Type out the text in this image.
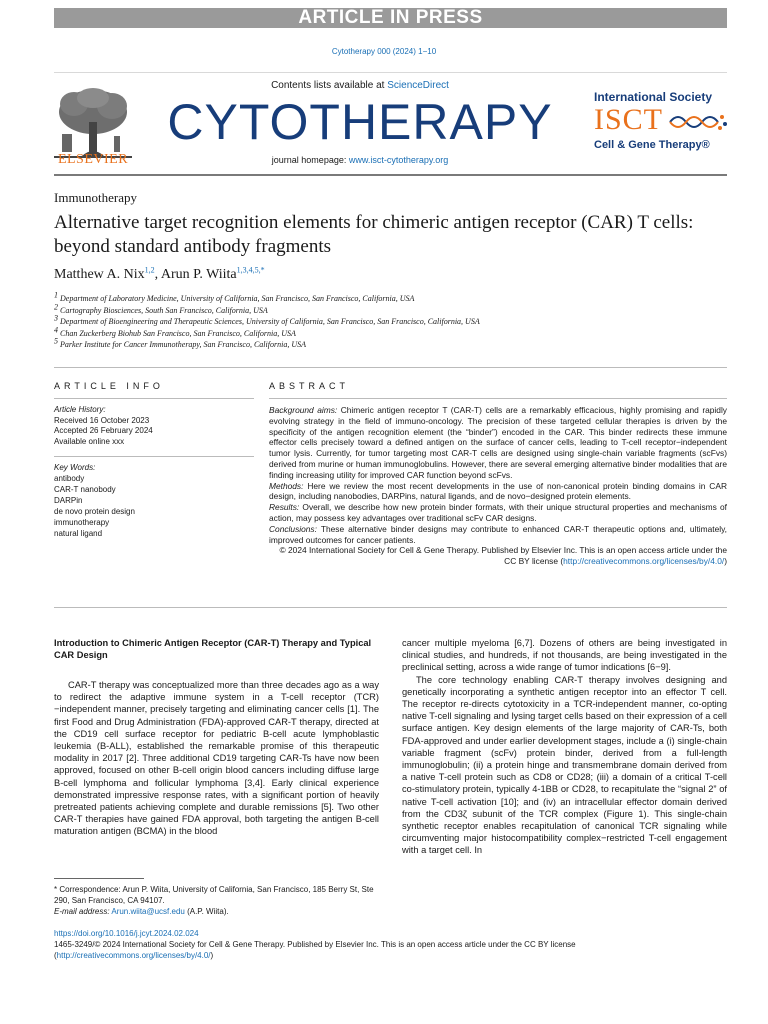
ARTICLE IN PRESS
Cytotherapy 000 (2024) 1−10
ELSEVIER
Contents lists available at ScienceDirect
CYTOTHERAPY
journal homepage: www.isct-cytotherapy.org
International Society
ISCT
Cell & Gene Therapy®
Immunotherapy
Alternative target recognition elements for chimeric antigen receptor (CAR) T cells: beyond standard antibody fragments
Matthew A. Nix$^{1,2}$, Arun P. Wiita$^{1,3,4,5,*}$
$^1$ Department of Laboratory Medicine, University of California, San Francisco, San Francisco, California, USA
$^2$ Cartography Biosciences, South San Francisco, California, USA
$^3$ Department of Bioengineering and Therapeutic Sciences, University of California, San Francisco, San Francisco, California, USA
$^4$ Chan Zuckerberg Biohub San Francisco, San Francisco, California, USA
$^5$ Parker Institute for Cancer Immunotherapy, San Francisco, California, USA
ARTICLE INFO	ABSTRACT
Article History:
Received 16 October 2023
Accepted 26 February 2024
Available online xxx
Key Words:
antibody
CAR-T nanobody
DARPin
de novo protein design
immunotherapy
natural ligand

Background aims: Chimeric antigen receptor T (CAR-T) cells are a remarkably efficacious, highly promising and rapidly evolving strategy in the field of immuno-oncology. The precision of these targeted cellular therapies is driven by the specificity of the antigen recognition element (the “binder”) encoded in the CAR. This binder redirects these immune effector cells precisely toward a defined antigen on the surface of cancer cells, leading to T-cell receptor−independent tumor lysis. Currently, for tumor targeting most CAR-T cells are designed using single-chain variable fragments (scFvs) derived from murine or human immunoglobulins. However, there are several emerging alternative binder modalities that are finding increasing utility for improved CAR function beyond scFvs.

Methods: Here we review the most recent developments in the use of non-canonical protein binding domains in CAR design, including nanobodies, DARPins, natural ligands, and de novo−designed protein elements.

Results: Overall, we describe how new protein binder formats, with their unique structural properties and mechanisms of action, may possess key advantages over traditional scFv CAR designs.

Conclusions: These alternative binder designs may contribute to enhanced CAR-T therapeutic options and, ultimately, improved outcomes for cancer patients.

© 2024 International Society for Cell & Gene Therapy. Published by Elsevier Inc. This is an open access article under the CC BY license (http://creativecommons.org/licenses/by/4.0/)

Introduction to Chimeric Antigen Receptor (CAR-T) Therapy and Typical CAR Design

CAR-T therapy was conceptualized more than three decades ago as a way to redirect the adaptive immune system in a T-cell receptor (TCR)−independent manner, precisely targeting and eliminating cancer cells [1]. The first Food and Drug Administration (FDA)-approved CAR-T therapy, directed at the CD19 cell surface receptor for pediatric B-cell acute lymphoblastic leukemia (B-ALL), established the remarkable promise of this therapeutic modality in 2017 [2]. Three additional CD19 targeting CAR-Ts have now been approved, focused on other B-cell origin blood cancers including diffuse large B-cell lymphoma and follicular lymphoma [3,4]. Early clinical experience demonstrated impressive response rates, with a significant portion of heavily pretreated patients achieving complete and durable remissions [5]. Two other CAR-T therapies have gained FDA approval, both targeting the antigen B-cell maturation antigen (BCMA) in the blood

cancer multiple myeloma [6,7]. Dozens of others are being investigated in clinical studies, and hundreds, if not thousands, are being investigated in the preclinical setting, across a wide range of tumor indications [6−9].

The core technology enabling CAR-T therapy involves designing and genetically incorporating a synthetic antigen receptor into an effector T cell. The receptor re-directs cytotoxicity in a TCR-independent manner, co-opting native T-cell signaling and lysing target cells based on their expression of a cell surface antigen. Key design elements of the large majority of CAR-Ts, both FDA-approved and under earlier development stages, include a (i) single-chain variable fragment (scFv) protein binder, derived from a full-length immunoglobulin; (ii) a protein hinge and transmembrane domain derived from a native T-cell protein such as CD8 or CD28; (iii) a domain of a critical T-cell co-stimulatory protein, typically 4-1BB or CD28, to recapitulate the “signal 2” of native T-cell activation [10]; and (iv) an intracellular effector domain derived from the CD3ζ subunit of the TCR complex (Figure 1). This single-chain synthetic receptor enables recapitulation of canonical TCR signaling while circumventing major histocompatibility complex−restricted T-cell engagement with a target cell. In

* Correspondence: Arun P. Wiita, University of California, San Francisco, 185 Berry St, Ste 290, San Francisco, CA 94107.
E-mail address: Arun.wiita@ucsf.edu (A.P. Wiita).
https://doi.org/10.1016/j.jcyt.2024.02.024
1465-3249/© 2024 International Society for Cell & Gene Therapy. Published by Elsevier Inc. This is an open access article under the CC BY license
(http://creativecommons.org/licenses/by/4.0/)
